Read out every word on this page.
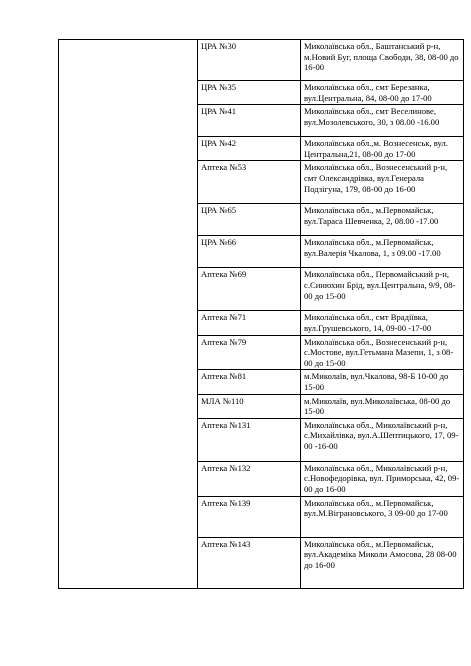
	ЦРА №30	Миколаївська обл., Баштанський р-н, м.Новий Буг, площа Свободи, 38, 08-00 до 16-00
	ЦРА №35	Миколаївська обл., смт Березанка, вул.Центральна, 84, 08-00 до 17-00
	ЦРА №41	Миколаївська обл., смт Веселинове, вул.Мозолевського, 30, з 08.00 -16.00
	ЦРА №42	Миколаївська обл.,м. Вознесенськ, вул. Центральна,21, 08-00 до 17-00
	Аптека №53	Миколаївська обл., Вознесенський р-н, смт Олександрівка, вул.Генерала Подзігуна, 179, 08-00 до 16-00
	ЦРА №65	Миколаївська обл., м.Первомайськ, вул.Тараса Шевченка, 2, 08.00 -17.00
	ЦРА №66	Миколаївська обл., м.Первомайськ, вул.Валерія Чкалова, 1, з 09.00 -17.00
	Аптека №69	Миколаївська обл., Первомайський р-н, с.Синюхин Брід, вул.Центральна, 9/9, 08-00 до 15-00
	Аптека №71	Миколаївська обл., смт Врадіївка, вул.Грушевського, 14, 09-00 -17-00
	Аптека №79	Миколаївська обл., Вознесенський р-н, с.Мостове, вул.Гетьмана Мазепи, 1, з 08-00 до 15-00
	Аптека №81	м.Миколаїв, вул.Чкалова, 98-Б 10-00 до 15-00
	МЛА №110	м.Миколаїв, вул.Миколаївська, 08-00 до 15-00
	Аптека №131	Миколаївська обл., Миколаївський р-н, с.Михайлівка, вул.А.Шептицького, 17, 09-00 -16-00
	Аптека №132	Миколаївська обл., Миколаївський р-н, с.Новофедорівка, вул. Приморська, 42, 09-00 до 16-00
	Аптека №139	Миколаївська обл., м.Первомайськ, вул.М.Віграновського, 3 09-00 до 17-00
	Аптека №143	Миколаївська обл., м.Первомайськ, вул.Академіка Миколи Амосова, 28 08-00 до 16-00
